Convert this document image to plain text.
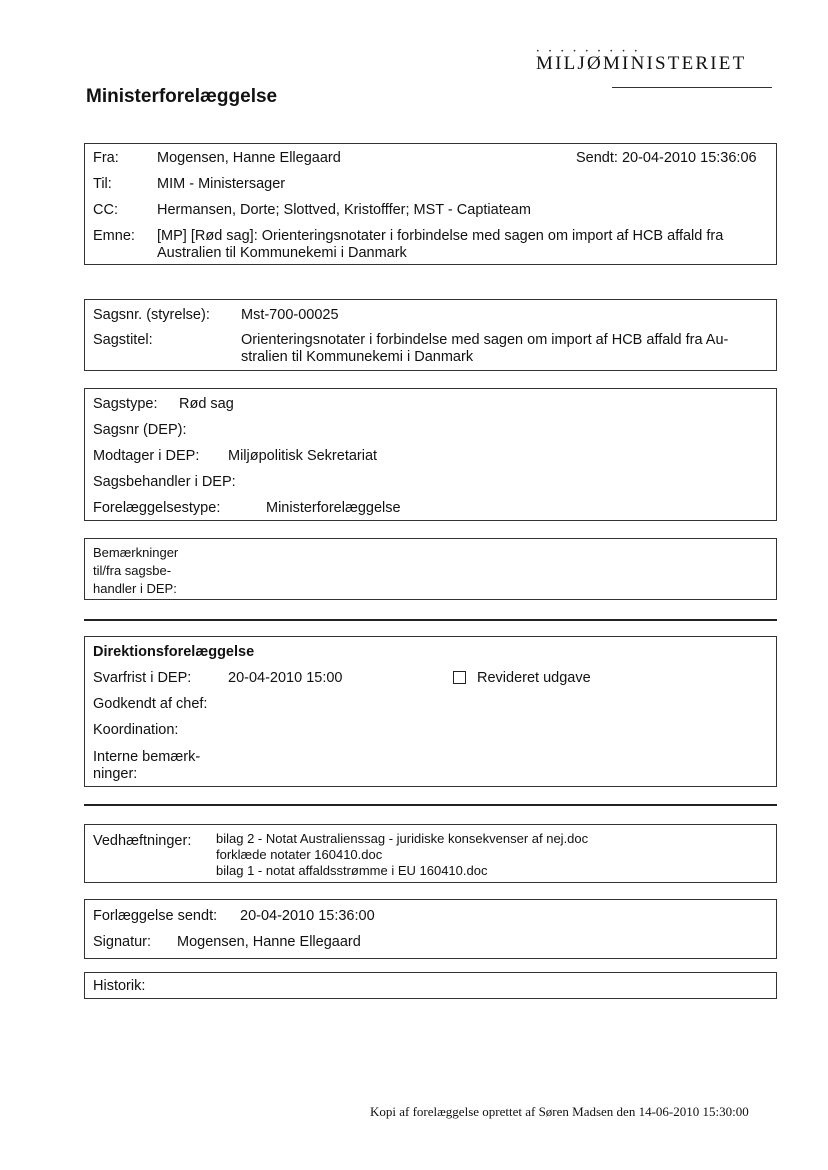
• • • • • • • • •
MILJØMINISTERIET
Ministerforelæggelse
Fra:	Mogensen, Hanne Ellegaard	Sendt: 20-04-2010 15:36:06
Til:	MIM - Ministersager
CC:	Hermansen, Dorte; Slottved, Kristofffer; MST - Captiateam
Emne: [MP] [Rød sag]: Orienteringsnotater i forbindelse med sagen om import af HCB affald fra
Australien til Kommunekemi i Danmark
Sagsnr. (styrelse): Mst-700-00025
Sagstitel:	Orienteringsnotater i forbindelse med sagen om import af HCB affald fra Au-
stralien til Kommunekemi i Danmark
Sagstype: Rød sag
Sagsnr (DEP):
Modtager i DEP: Miljøpolitisk Sekretariat
Sagsbehandler i DEP:
Forelæggelsestype:	Ministerforelæggelse
Bemærkninger
til/fra sagsbe-
handler i DEP:
Direktionsforelæggelse
Svarfrist i DEP:	20-04-2010 15:00	Revideret udgave
Godkendt af chef:
Koordination:
Interne bemærk-
ninger:
Vedhæftninger: bilag 2 - Notat Australienssag - juridiske konsekvenser af nej.doc
forklæde notater 160410.doc
bilag 1 - notat affaldsstrømme i EU 160410.doc
Forlæggelse sendt: 20-04-2010 15:36:00
Signatur: Mogensen, Hanne Ellegaard
Historik:
Kopi af forelæggelse oprettet af Søren Madsen den 14-06-2010 15:30:00
